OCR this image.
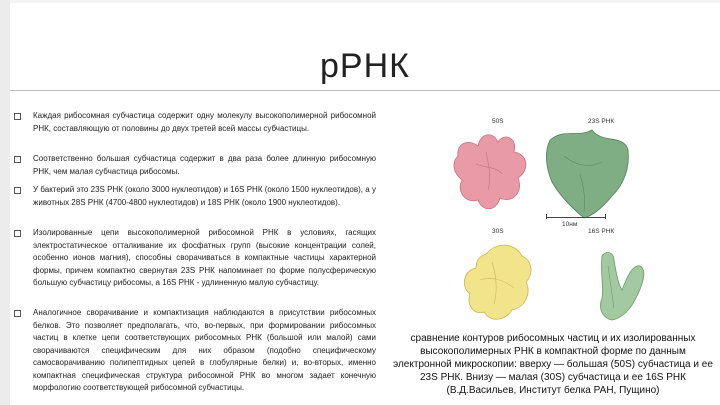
рРНК
Каждая рибосомная субчастица содержит одну молекулу высокополимерной рибосомной РНК, составляющую от половины до двух третей всей массы субчастицы.
Соответственно большая субчастица содержит в два раза более длинную рибосомную РНК, чем малая субчастица рибосомы.
У бактерий это 23S РНК (около 3000 нуклеотидов) и 16S РНК (около 1500 нуклеотидов), а у животных 28S РНК (4700-4800 нуклеотидов) и 18S РНК (около 1900 нуклеотидов).
Изолированные цепи высокополимерной рибосомной РНК в условиях, гасящих электростатическое отталкивание их фосфатных групп (высокие концентрации солей, особенно ионов магния), способны сворачиваться в компактные частицы характерной формы, причем компактно свернутая 23S РНК напоминает по форме полусферическую большую субчастицу рибосомы, а 16S РНК - удлиненную малую субчастицу.
Аналогичное сворачивание и компактизация наблюдаются в присутствии рибосомных белков. Это позволяет предполагать, что, во-первых, при формировании рибосомных частиц в клетке цепи соответствующих рибосомных РНК (большой или малой) сами сворачиваются специфическим для них образом (подобно специфическому самосворачиванию полипептидных цепей в глобулярные белки) и, во-вторых, именно компактная специфическая структура рибосомной РНК во многом задает конечную морфологию соответствующей рибосомной субчастицы.
50S	23S РНК
30S	16S РНК
10нм
сравнение контуров рибосомных частиц и их изолированных высокополимерных РНК в компактной форме по данным электронной микроскопии: вверху — большая (50S) субчастица и ее 23S РНК. Внизу — малая (30S) субчастица и ее 16S РНК (В.Д.Васильев, Институт белка РАН, Пущино)
